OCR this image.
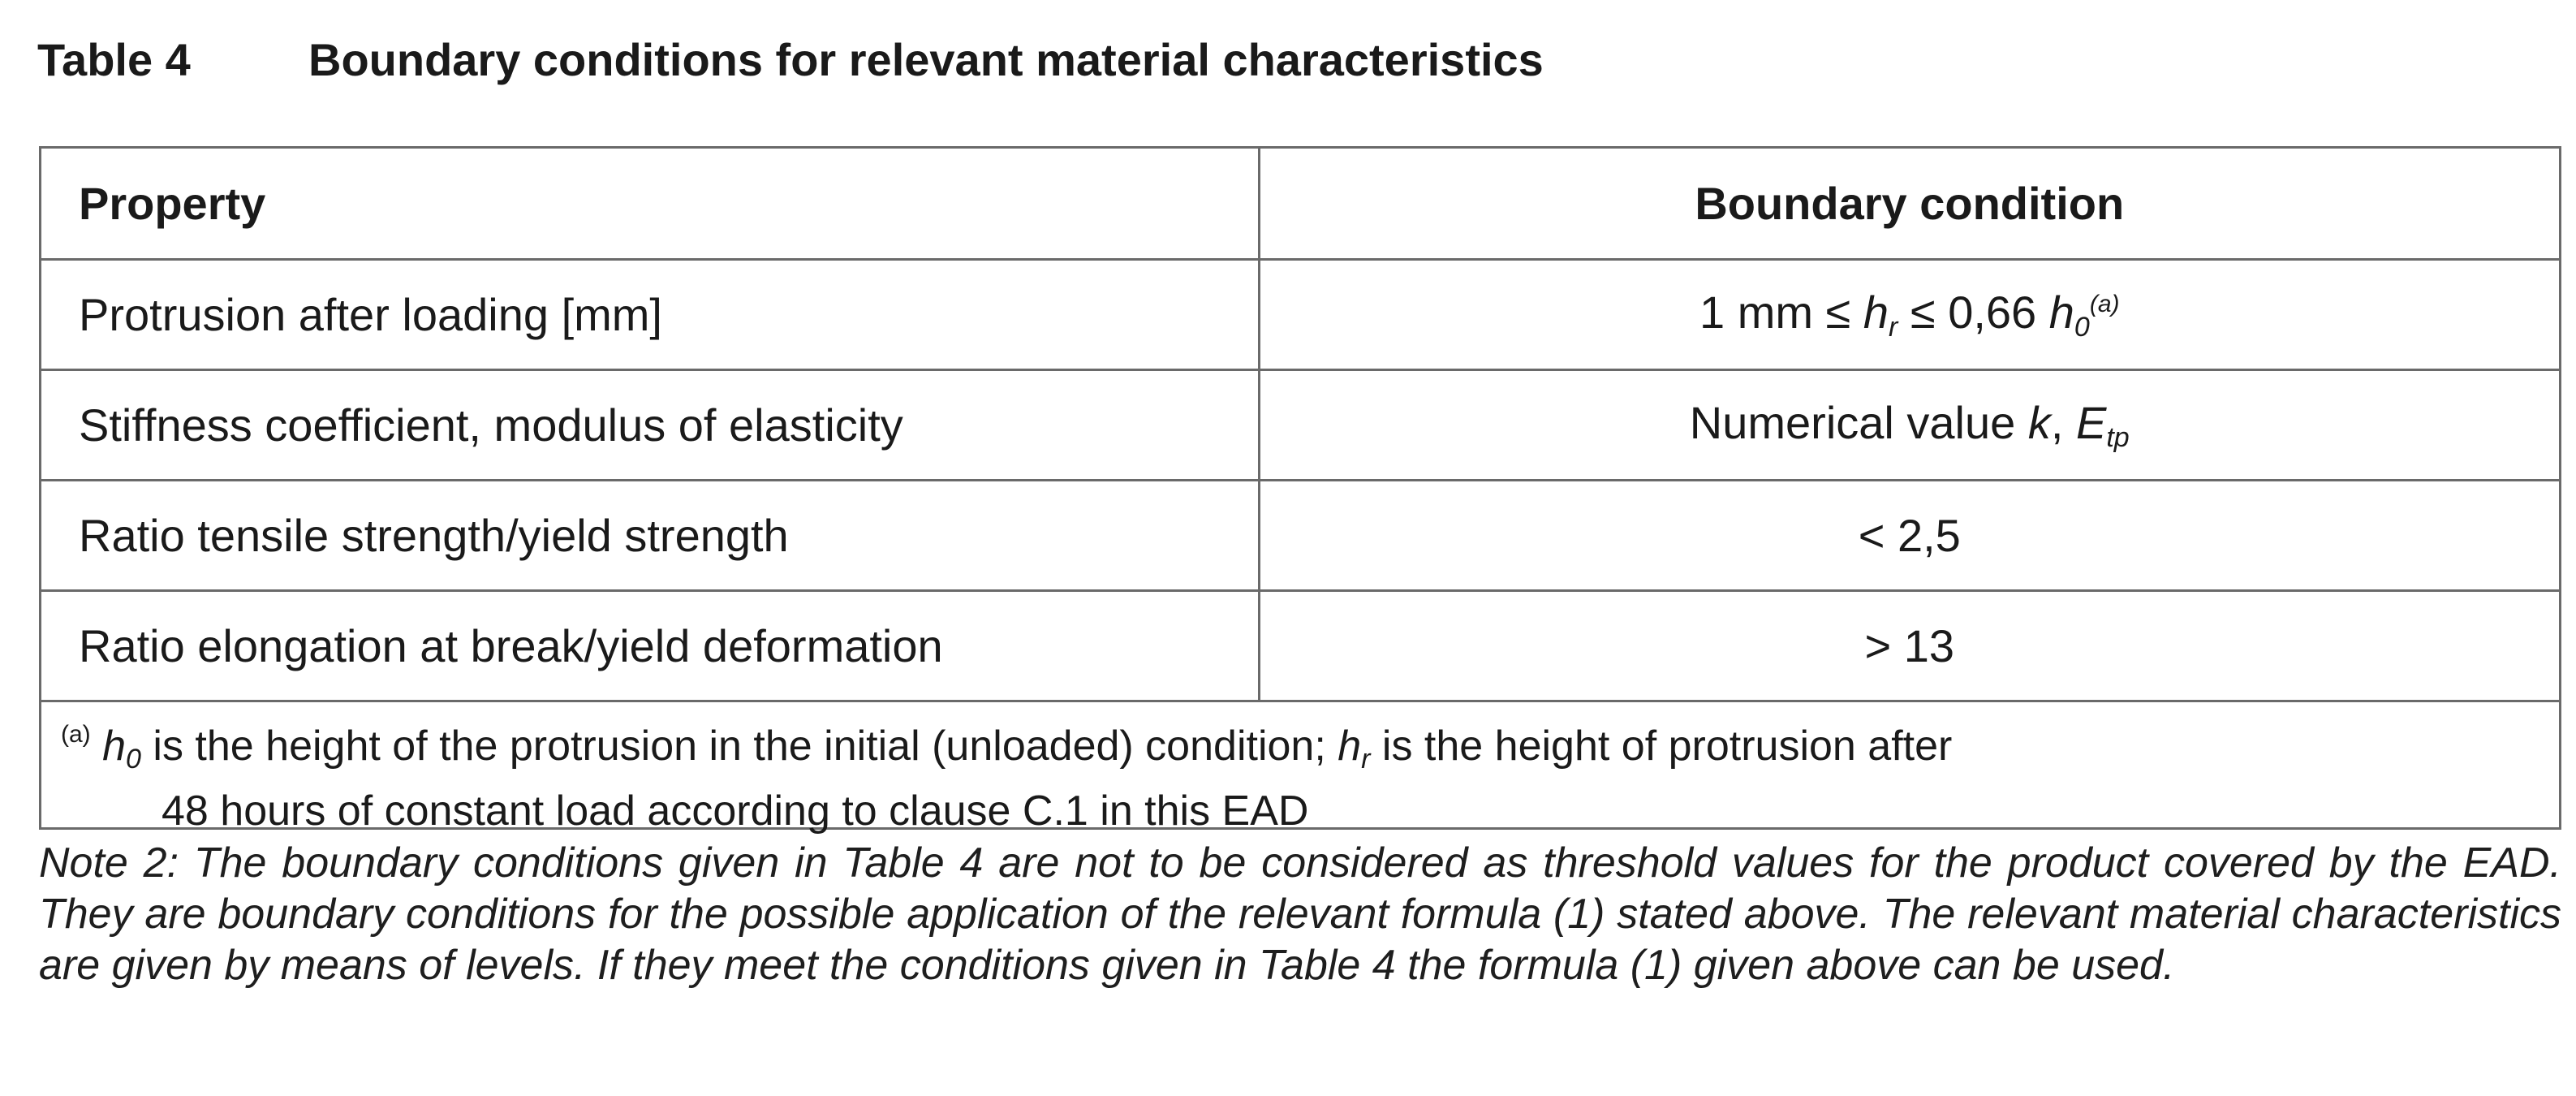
Table 4	Boundary conditions for relevant material characteristics
Property	Boundary condition
Protrusion after loading [mm]	1 mm ≤ $h_r \le 0,66$ $h_0^{(a)}$
Stiffness coefficient, modulus of elasticity	Numerical value k, $E_{tp}$
Ratio tensile strength/yield strength	< 2,5
Ratio elongation at break/yield deformation	> 13
$^{(a)}$ $h_0$ is the height of the protrusion in the initial (unloaded) condition; $h_r$ is the height of protrusion after
48 hours of constant load according to clause C.1 in this EAD
Note 2: The boundary conditions given in Table 4 are not to be considered as threshold values for the product covered by the EAD. They are boundary conditions for the possible application of the relevant formula (1) stated above. The relevant material characteristics are given by means of levels. If they meet the conditions given in Table 4 the formula (1) given above can be used.
